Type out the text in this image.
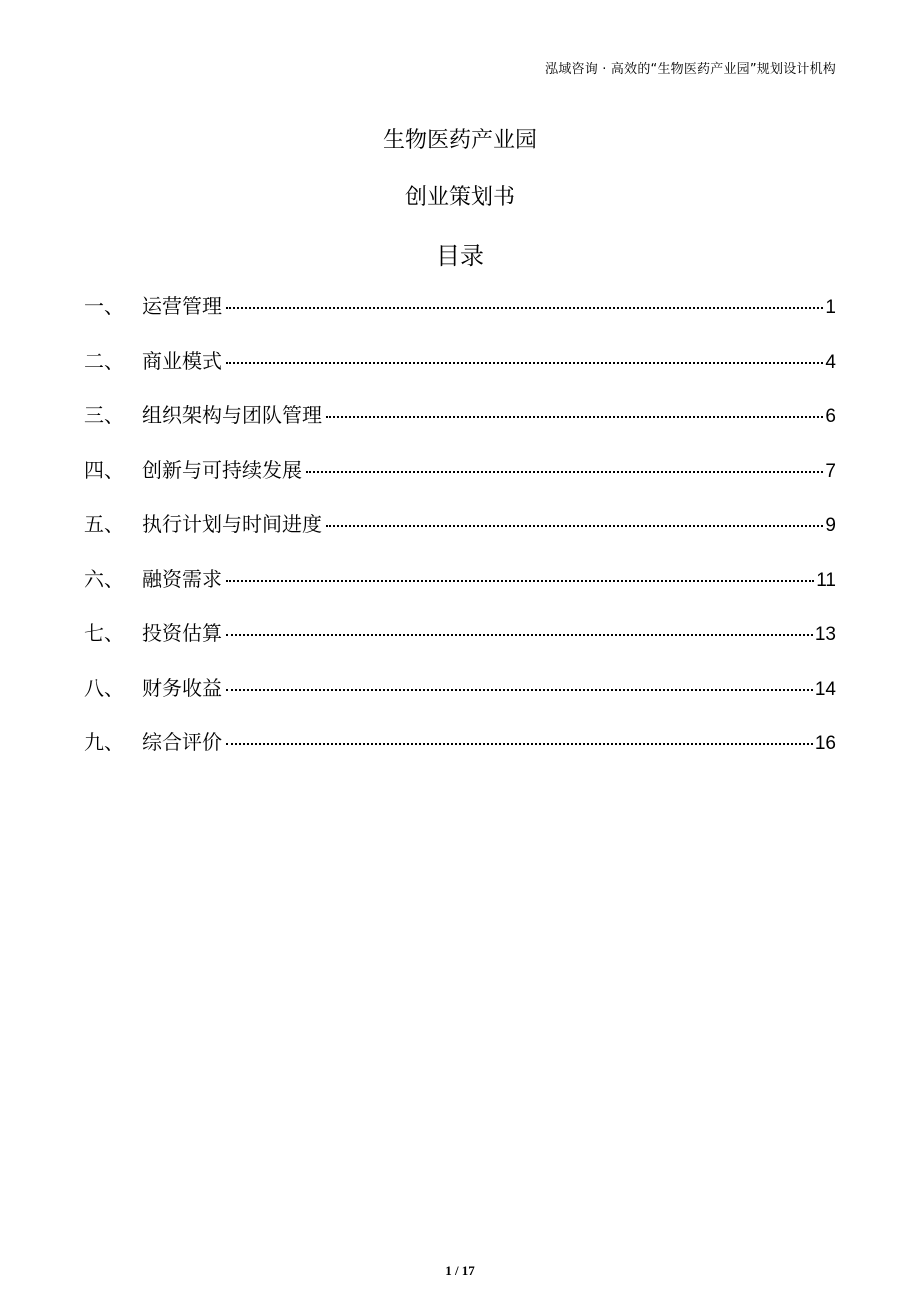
泓域咨询 · 高效的“生物医药产业园”规划设计机构
生物医药产业园
创业策划书
目录
一、 运营管理	1
二、 商业模式	4
三、 组织架构与团队管理	6
四、 创新与可持续发展	7
五、 执行计划与时间进度	9
六、 融资需求	11
七、 投资估算	13
八、 财务收益	14
九、 综合评价	16
1 / 17
